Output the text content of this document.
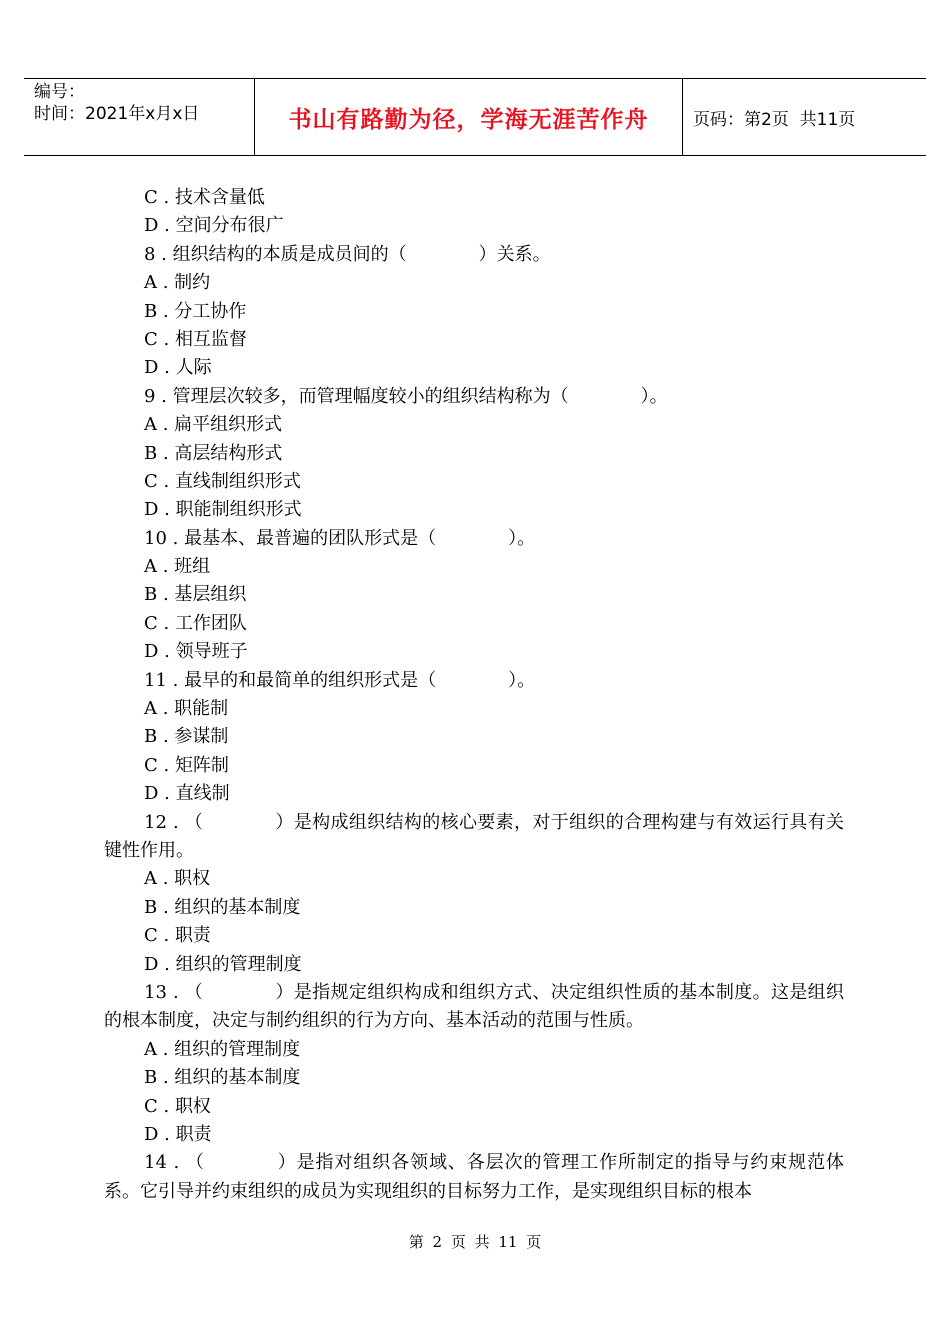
编号：
时间：2021年x月x日	书山有路勤为径，学海无涯苦作舟	页码：第2页  共11页
C . 技术含量低
D . 空间分布很广
8 . 组织结构的本质是成员间的（	）关系。
A . 制约
B . 分工协作
C . 相互监督
D . 人际
9 . 管理层次较多，而管理幅度较小的组织结构称为（	）。
A . 扁平组织形式
B . 高层结构形式
C . 直线制组织形式
D . 职能制组织形式
10 . 最基本、最普遍的团队形式是（	）。
A . 班组
B . 基层组织
C . 工作团队
D . 领导班子
11 . 最早的和最简单的组织形式是（	）。
A . 职能制
B . 参谋制
C . 矩阵制
D . 直线制
12 . （	）是构成组织结构的核心要素，对于组织的合理构建与有效运行具有关键性作用。
A . 职权
B . 组织的基本制度
C . 职责
D . 组织的管理制度
13 . （	）是指规定组织构成和组织方式、决定组织性质的基本制度。这是组织的根本制度，决定与制约组织的行为方向、基本活动的范围与性质。
A . 组织的管理制度
B . 组织的基本制度
C . 职权
D . 职责
14 . （	）是指对组织各领域、各层次的管理工作所制定的指导与约束规范体系。它引导并约束组织的成员为实现组织的目标努力工作，是实现组织目标的根本
第 2 页 共 11 页
